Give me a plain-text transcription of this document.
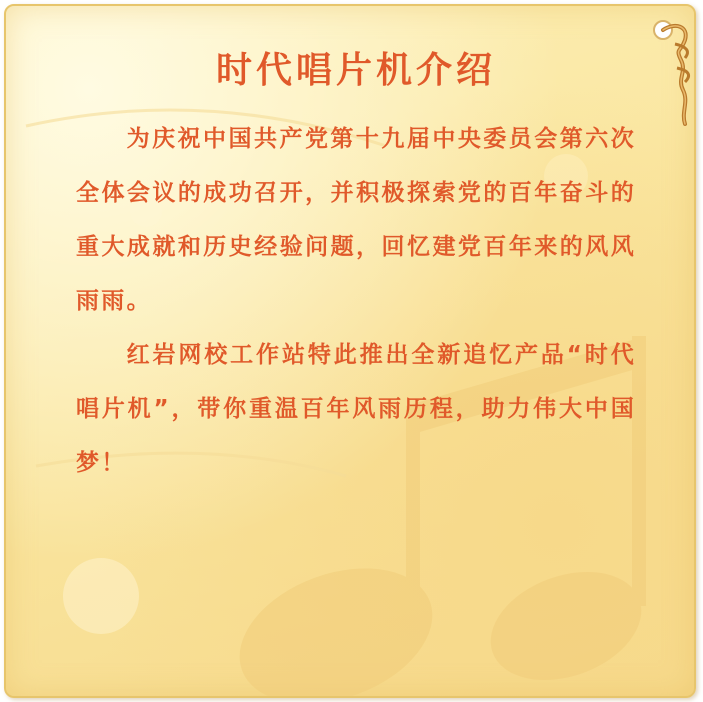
时代唱片机介绍

为庆祝中国共产党第十九届中央委员会第六次全体会议的成功召开，并积极探索党的百年奋斗的重大成就和历史经验问题，回忆建党百年来的风风雨雨。

红岩网校工作站特此推出全新追忆产品“时代唱片机”，带你重温百年风雨历程，助力伟大中国梦！
